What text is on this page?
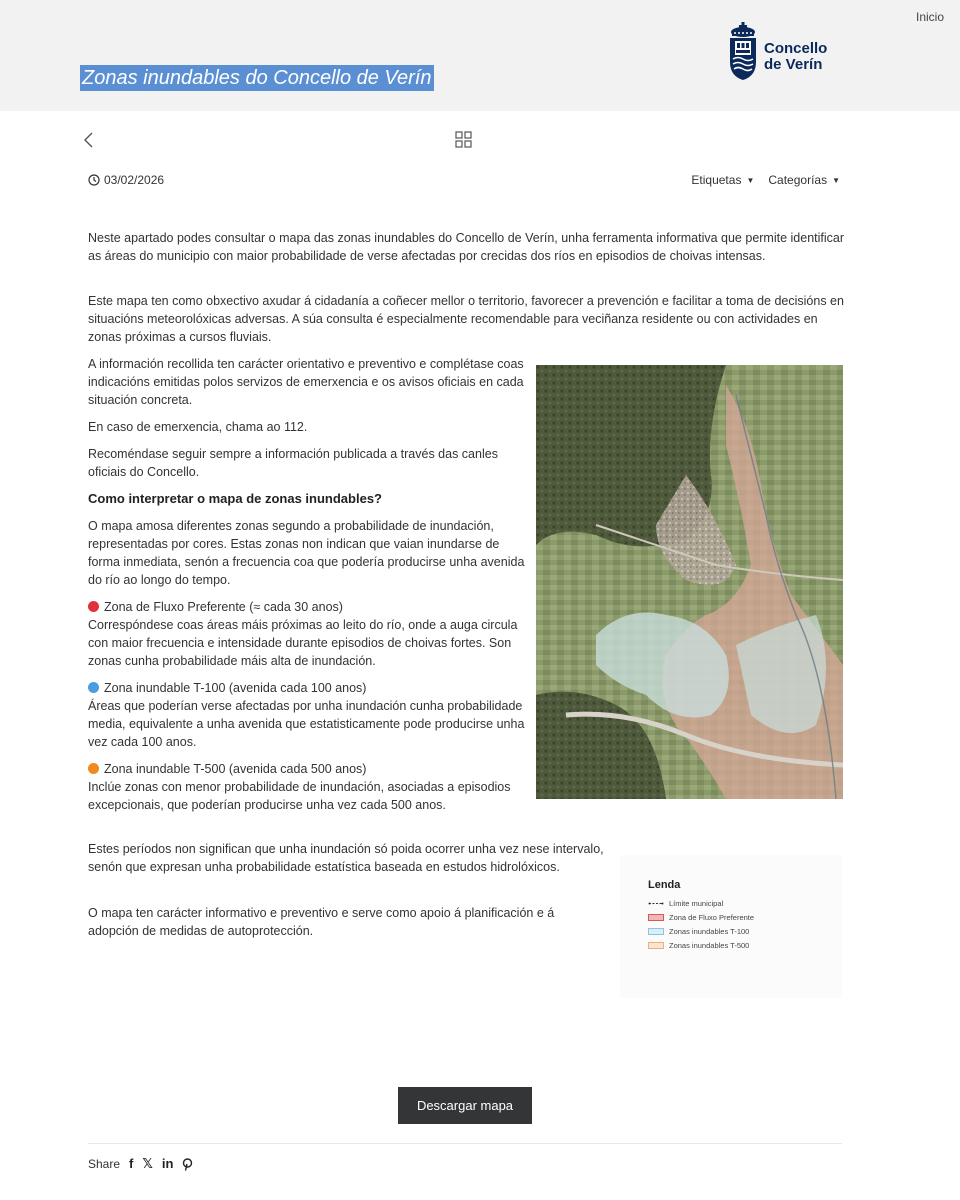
Inicio
Zonas inundables do Concello de Verín
Concello
de Verín
03/02/2026	Etiquetas ▼ Categorías ▼

Neste apartado podes consultar o mapa das zonas inundables do Concello de Verín, unha ferramenta informativa que permite identificar as áreas do municipio con maior probabilidade de verse afectadas por crecidas dos ríos en episodios de choivas intensas.

Este mapa ten como obxectivo axudar á cidadanía a coñecer mellor o territorio, favorecer a prevención e facilitar a toma de decisións en situacións meteorolóxicas adversas. A súa consulta é especialmente recomendable para veciñanza residente ou con actividades en zonas próximas a cursos fluviais.

A información recollida ten carácter orientativo e preventivo e complétase coas indicacións emitidas polos servizos de emerxencia e os avisos oficiais en cada situación concreta.

En caso de emerxencia, chama ao 112.

Recoméndase seguir sempre a información publicada a través das canles oficiais do Concello.

Como interpretar o mapa de zonas inundables?

O mapa amosa diferentes zonas segundo a probabilidade de inundación, representadas por cores. Estas zonas non indican que vaian inundarse de forma inmediata, senón a frecuencia coa que podería producirse unha avenida do río ao longo do tempo.

Zona de Fluxo Preferente (≈ cada 30 anos)
Correspóndese coas áreas máis próximas ao leito do río, onde a auga circula con maior frecuencia e intensidade durante episodios de choivas fortes. Son zonas cunha probabilidade máis alta de inundación.

Zona inundable T-100 (avenida cada 100 anos)
Áreas que poderían verse afectadas por unha inundación cunha probabilidade media, equivalente a unha avenida que estatisticamente pode producirse unha vez cada 100 anos.

Zona inundable T-500 (avenida cada 500 anos)
Inclúe zonas con menor probabilidade de inundación, asociadas a episodios excepcionais, que poderían producirse unha vez cada 500 anos.

Estes períodos non significan que unha inundación só poida ocorrer unha vez nese intervalo, senón que expresan unha probabilidade estatística baseada en estudos hidrolóxicos.

O mapa ten carácter informativo e preventivo e serve como apoio á planificación e á adopción de medidas de autoprotección.

Lenda
Límite municipal
Zona de Fluxo Preferente
Zonas inundables T-100
Zonas inundables T-500
Descargar mapa
Share f 𝕏 in
